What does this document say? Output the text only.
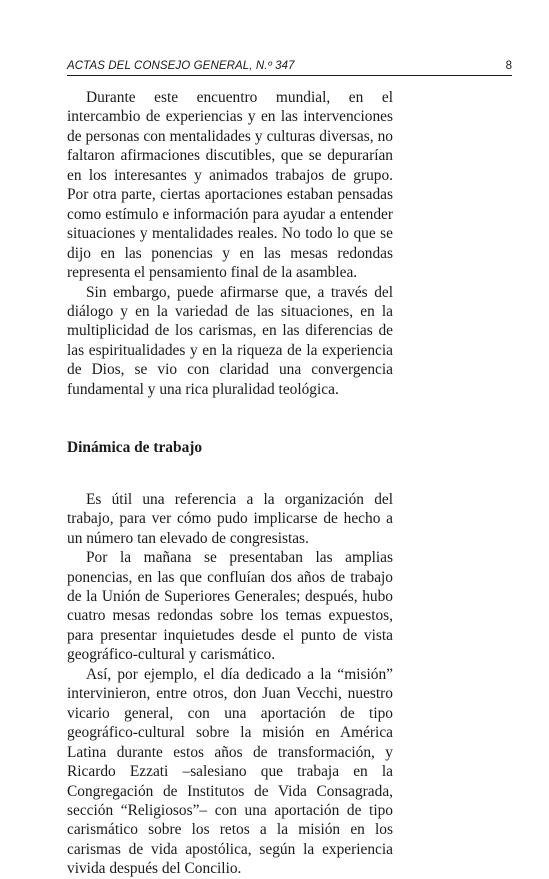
ACTAS DEL CONSEJO GENERAL, N.º 347	8

Durante este encuentro mundial, en el intercambio de experiencias y en las intervenciones de personas con mentalidades y culturas diversas, no faltaron afirmaciones discutibles, que se depurarían en los interesantes y animados trabajos de grupo. Por otra parte, ciertas aportaciones estaban pensadas como estímulo e información para ayudar a entender situaciones y mentalidades reales. No todo lo que se dijo en las ponencias y en las mesas redondas representa el pensamiento final de la asamblea.

Sin embargo, puede afirmarse que, a través del diálogo y en la variedad de las situaciones, en la multiplicidad de los carismas, en las diferencias de las espiritualidades y en la riqueza de la experiencia de Dios, se vio con claridad una convergencia fundamental y una rica pluralidad teológica.

Dinámica de trabajo

Es útil una referencia a la organización del trabajo, para ver cómo pudo implicarse de hecho a un número tan elevado de congresistas.

Por la mañana se presentaban las amplias ponencias, en las que confluían dos años de trabajo de la Unión de Superiores Generales; después, hubo cuatro mesas redondas sobre los temas expuestos, para presentar inquietudes desde el punto de vista geográfico-cultural y carismático.

Así, por ejemplo, el día dedicado a la “misión” intervinieron, entre otros, don Juan Vecchi, nuestro vicario general, con una aportación de tipo geográfico-cultural sobre la misión en América Latina durante estos años de transformación, y Ricardo Ezzati –salesiano que trabaja en la Congregación de Institutos de Vida Consagrada, sección “Religiosos”– con una aportación de tipo carismático sobre los retos a la misión en los carismas de vida apostólica, según la experiencia vivida después del Concilio.
